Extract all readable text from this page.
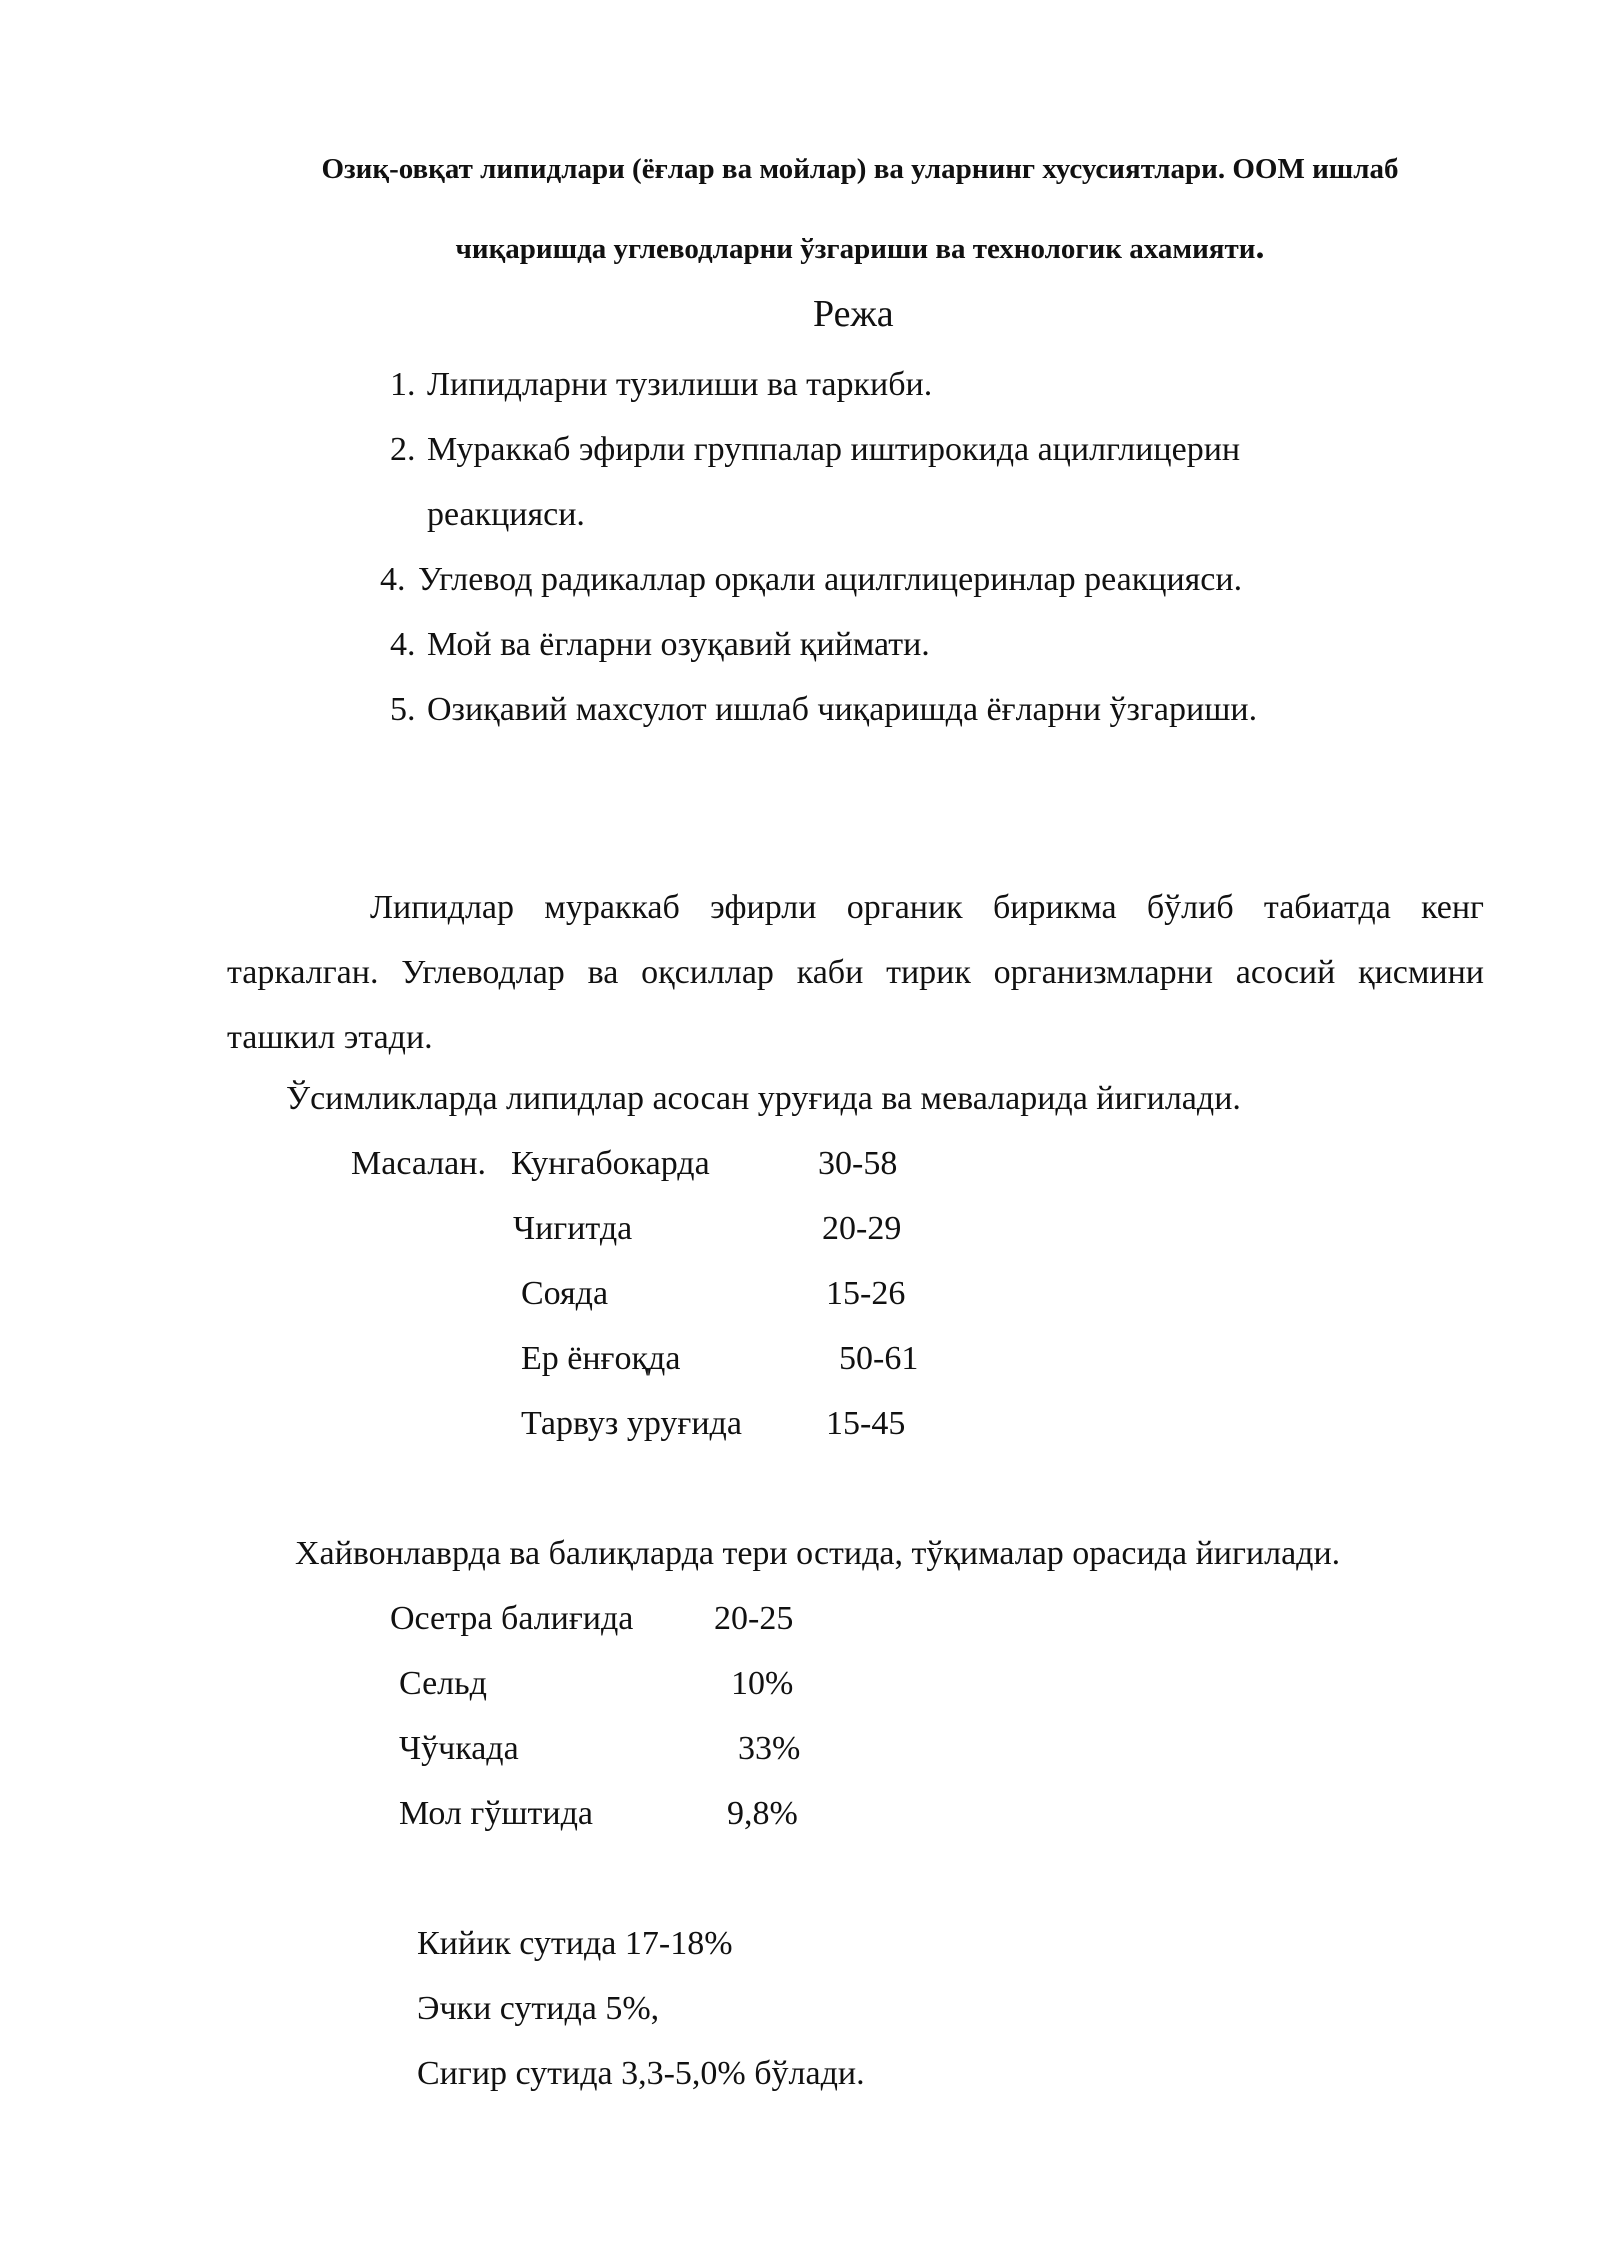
Озиқ-овқат липидлари (ёғлар ва мойлар) ва уларнинг хусусиятлари. ООМ ишлаб
чиқаришда углеводларни ўзгариши ва технологик ахамияти.
Режа
1. Липидларни тузилиши ва таркиби.
2. Мураккаб эфирли группалар иштирокида ацилглицерин
реакцияси.
4. Углевод радикаллар орқали ацилглицеринлар реакцияси.
4. Мой ва ёгларни озуқавий қиймати.
5. Озиқавий махсулот ишлаб чиқаришда ёғларни ўзгариши.
Липидлар мураккаб эфирли органик бирикма бўлиб табиатда кенг таркалган. Углеводлар ва оқсиллар каби тирик организмларни асосий қисмини ташкил этади.
Ўсимликларда липидлар асосан уруғида ва меваларида йигилади.
Масалан. Кунгабокарда	30-58
Чигитда	20-29
Сояда	15-26
Ер ёнғоқда	50-61
Тарвуз уруғида 15-45
Хайвонлаврда ва балиқларда тери остида, тўқималар орасида йигилади.
Осетра балиғида 20-25
Сельд	10%
Чўчкада	33%
Мол гўштида	9,8%
Кийик сутида 17-18%
Эчки сутида 5%,
Сигир сутида 3,3-5,0% бўлади.
